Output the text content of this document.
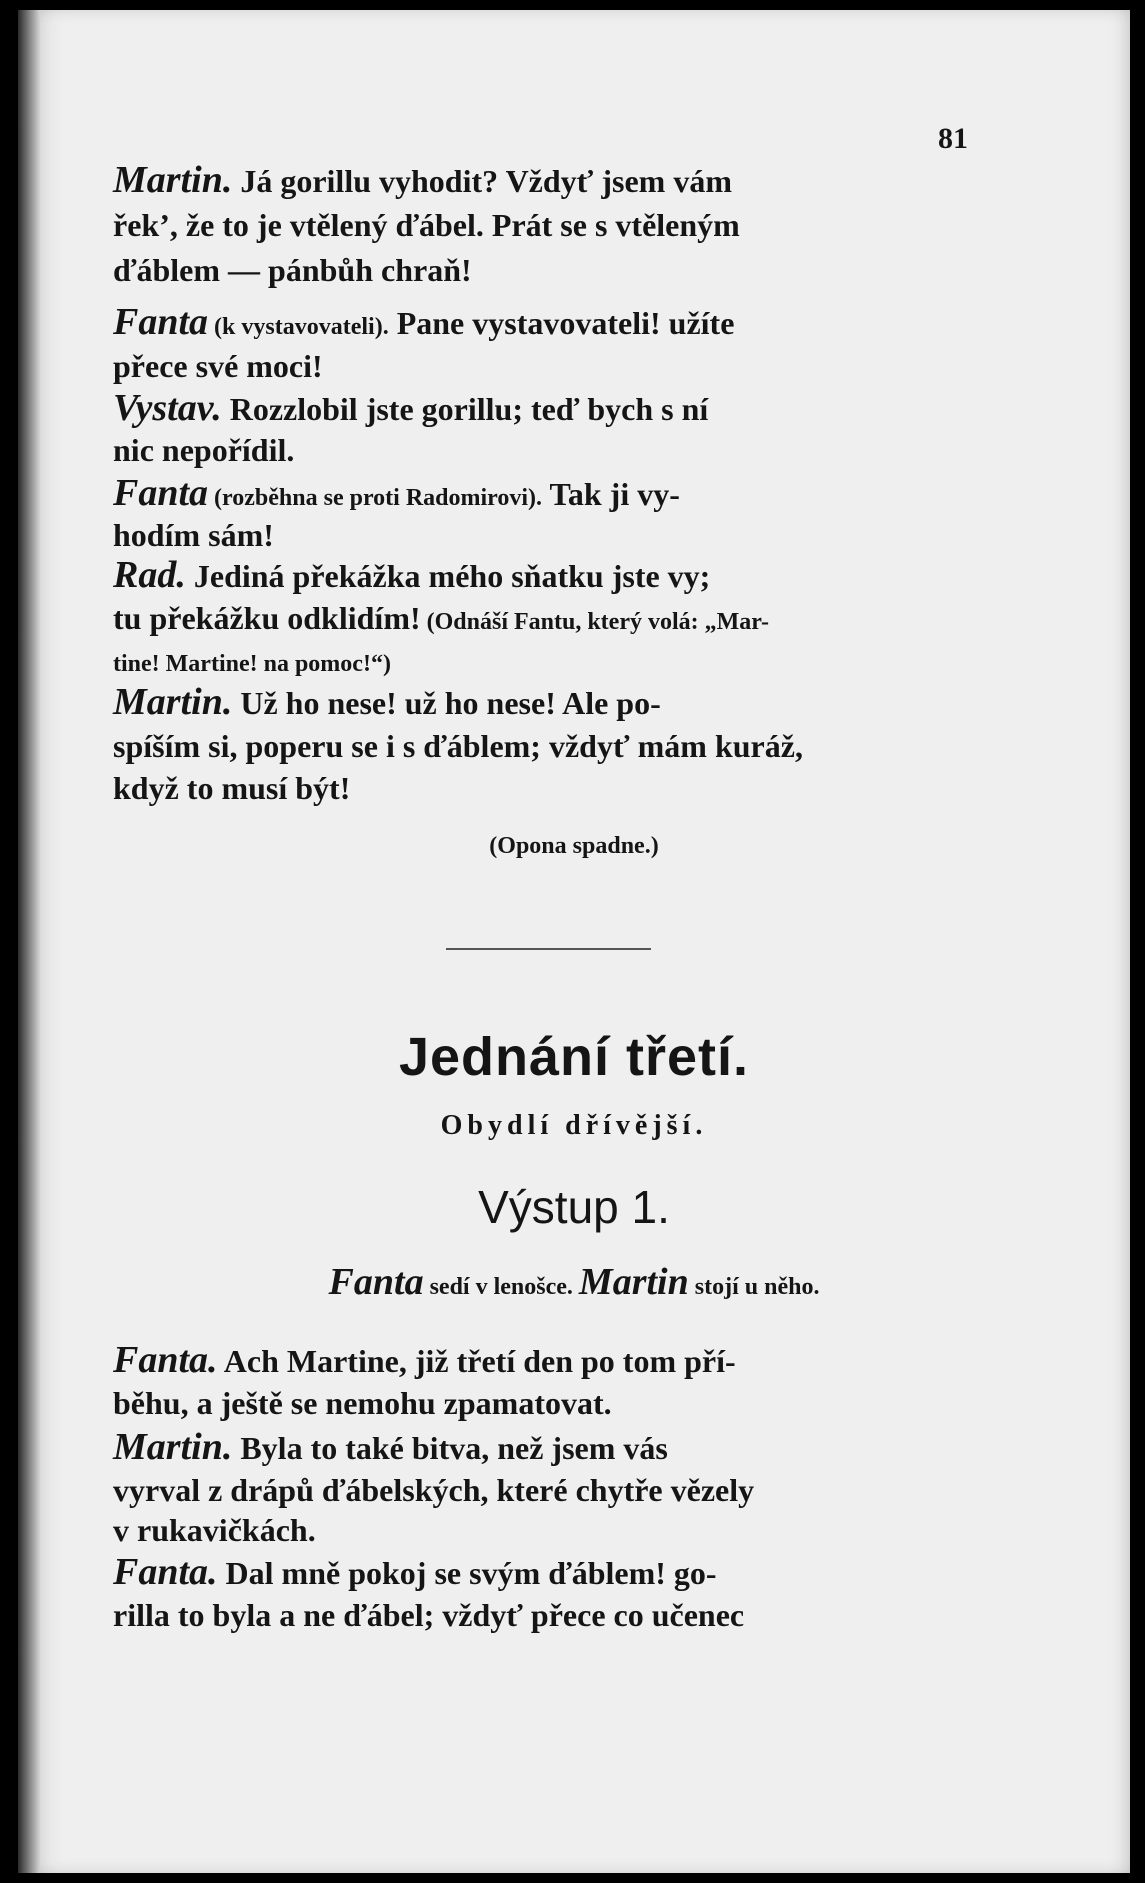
81
Martin. Já gorillu vyhodit? Vždyť jsem vám
řek’, že to je vtělený ďábel. Prát se s vtěleným
ďáblem — pánbůh chraň!
Fanta (k vystavovateli). Pane vystavovateli! užíte
přece své moci!
Vystav. Rozzlobil jste gorillu; teď bych s ní
nic nepořídil.
Fanta (rozběhna se proti Radomirovi). Tak ji vy-
hodím sám!
Rad. Jediná překážka mého sňatku jste vy;
tu překážku odklidím! (Odnáší Fantu, který volá: „Mar-
tine! Martine! na pomoc!“)
Martin. Už ho nese! už ho nese! Ale po-
spíším si, poperu se i s ďáblem; vždyť mám kuráž,
když to musí být!
(Opona spadne.)
Jednání třetí.
Obydlí dřívější.
Výstup 1.
Fanta sedí v lenošce. Martin stojí u něho.
Fanta. Ach Martine, již třetí den po tom pří-
běhu, a ještě se nemohu zpamatovat.
Martin. Byla to také bitva, než jsem vás
vyrval z drápů ďábelských, které chytře vězely
v rukavičkách.
Fanta. Dal mně pokoj se svým ďáblem! go-
rilla to byla a ne ďábel; vždyť přece co učenec
